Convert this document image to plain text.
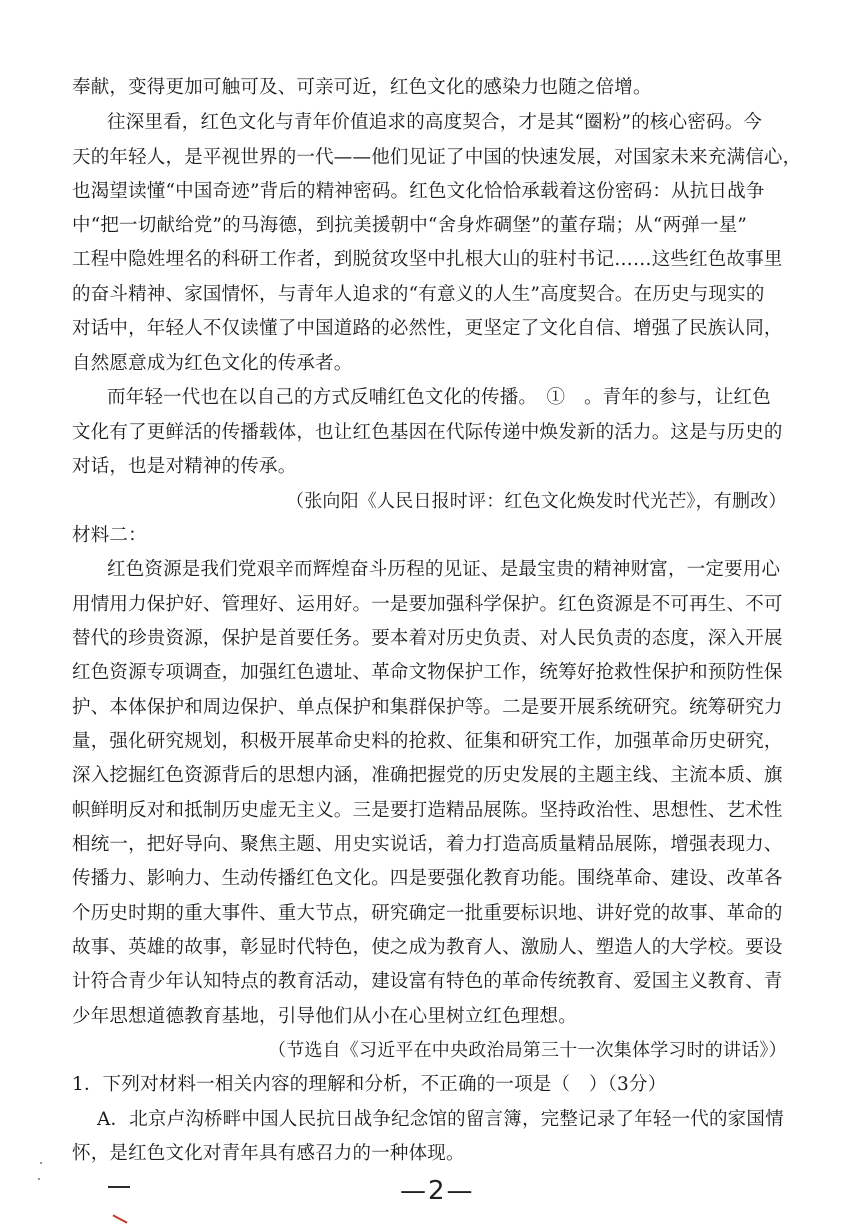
奉献，变得更加可触可及、可亲可近，红色文化的感染力也随之倍增。
往深里看，红色文化与青年价值追求的高度契合，才是其“圈粉”的核心密码。今
天的年轻人，是平视世界的一代——他们见证了中国的快速发展，对国家未来充满信心，
也渴望读懂“中国奇迹”背后的精神密码。红色文化恰恰承载着这份密码：从抗日战争
中“把一切献给党”的马海德，到抗美援朝中“舍身炸碉堡”的董存瑞；从“两弹一星”
工程中隐姓埋名的科研工作者，到脱贫攻坚中扎根大山的驻村书记……这些红色故事里
的奋斗精神、家国情怀，与青年人追求的“有意义的人生”高度契合。在历史与现实的
对话中，年轻人不仅读懂了中国道路的必然性，更坚定了文化自信、增强了民族认同，
自然愿意成为红色文化的传承者。
而年轻一代也在以自己的方式反哺红色文化的传播。　①　。青年的参与，让红色
文化有了更鲜活的传播载体，也让红色基因在代际传递中焕发新的活力。这是与历史的
对话，也是对精神的传承。
（张向阳《人民日报时评：红色文化焕发时代光芒》，有删改）
材料二：
红色资源是我们党艰辛而辉煌奋斗历程的见证、是最宝贵的精神财富，一定要用心
用情用力保护好、管理好、运用好。一是要加强科学保护。红色资源是不可再生、不可
替代的珍贵资源，保护是首要任务。要本着对历史负责、对人民负责的态度，深入开展
红色资源专项调查，加强红色遗址、革命文物保护工作，统筹好抢救性保护和预防性保
护、本体保护和周边保护、单点保护和集群保护等。二是要开展系统研究。统筹研究力
量，强化研究规划，积极开展革命史料的抢救、征集和研究工作，加强革命历史研究，
深入挖掘红色资源背后的思想内涵，准确把握党的历史发展的主题主线、主流本质、旗
帜鲜明反对和抵制历史虚无主义。三是要打造精品展陈。坚持政治性、思想性、艺术性
相统一，把好导向、聚焦主题、用史实说话，着力打造高质量精品展陈，增强表现力、
传播力、影响力、生动传播红色文化。四是要强化教育功能。围绕革命、建设、改革各
个历史时期的重大事件、重大节点，研究确定一批重要标识地、讲好党的故事、革命的
故事、英雄的故事，彰显时代特色，使之成为教育人、激励人、塑造人的大学校。要设
计符合青少年认知特点的教育活动，建设富有特色的革命传统教育、爱国主义教育、青
少年思想道德教育基地，引导他们从小在心里树立红色理想。
（节选自《习近平在中央政治局第三十一次集体学习时的讲话》）
1．下列对材料一相关内容的理解和分析，不正确的一项是（　）（3分）
A．北京卢沟桥畔中国人民抗日战争纪念馆的留言簿，完整记录了年轻一代的家国情
怀，是红色文化对青年具有感召力的一种体现。
—2—
